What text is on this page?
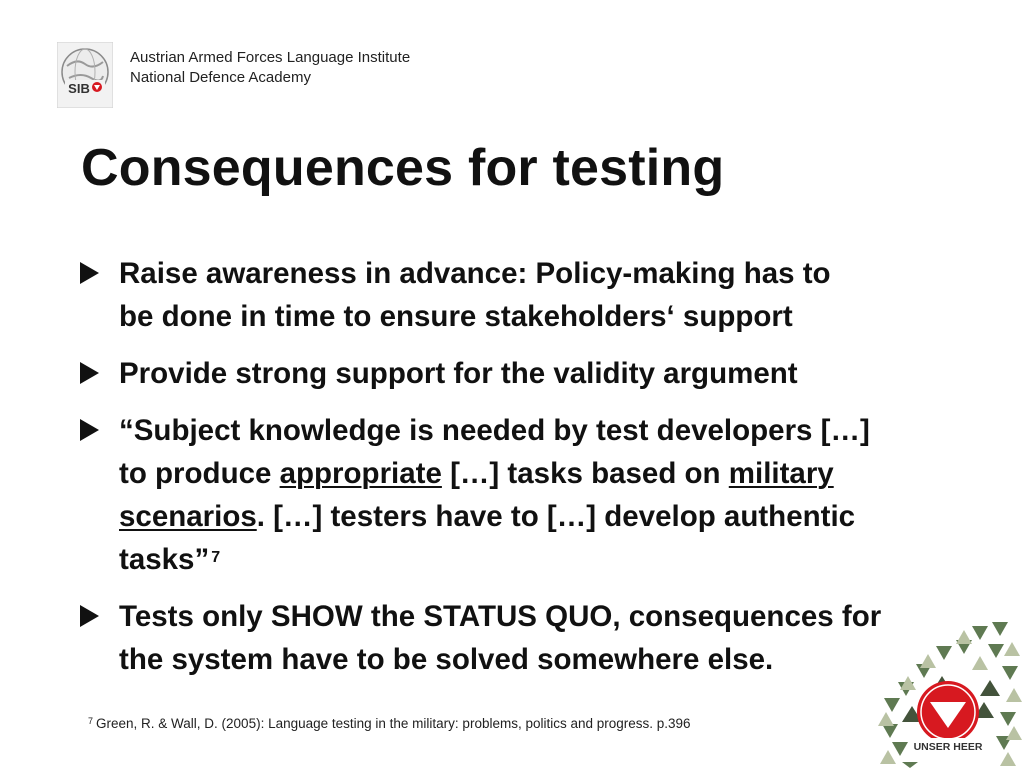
SIB
Austrian Armed Forces Language Institute
National Defence Academy
Consequences for testing
Raise awareness in advance: Policy-making has to
be done in time to ensure stakeholders‘ support
Provide strong support for the validity argument
“Subject knowledge is needed by test developers […]
to produce appropriate […] tasks based on military
scenarios. […] testers have to […] develop authentic
tasks” $^7$
Tests only SHOW the STATUS QUO, consequences for
the system have to be solved somewhere else.
$^7$ Green, R. & Wall, D. (2005): Language testing in the military: problems, politics and progress. p.396
UNSER HEER
